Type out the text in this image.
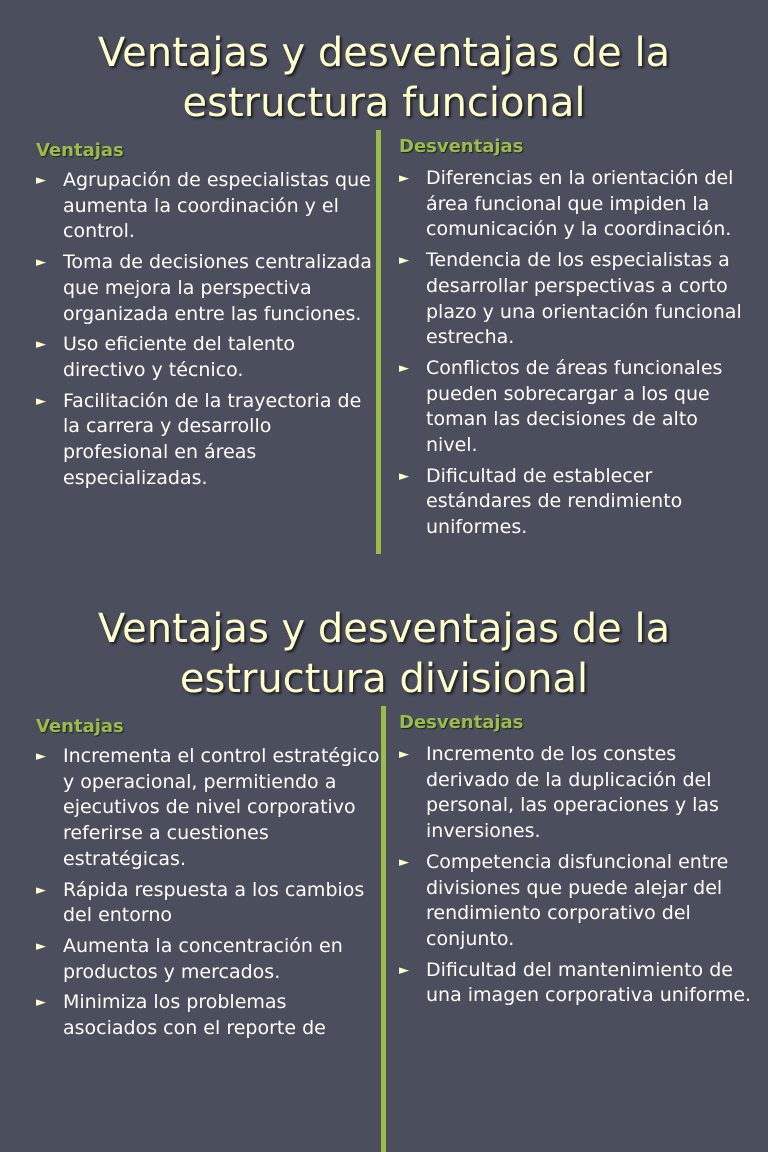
Ventajas y desventajas de la
estructura funcional
Ventajas
► Agrupación de especialistas que aumenta la coordinación y el control.
► Toma de decisiones centralizada que mejora la perspectiva organizada entre las funciones.
► Uso eficiente del talento directivo y técnico.
► Facilitación de la trayectoria de la carrera y desarrollo profesional en áreas especializadas.
Desventajas
► Diferencias en la orientación del área funcional que impiden la comunicación y la coordinación.
► Tendencia de los especialistas a desarrollar perspectivas a corto plazo y una orientación funcional estrecha.
► Conflictos de áreas funcionales pueden sobrecargar a los que toman las decisiones de alto nivel.
► Dificultad de establecer estándares de rendimiento uniformes.
Ventajas y desventajas de la
estructura divisional
Ventajas
► Incrementa el control estratégico y operacional, permitiendo a ejecutivos de nivel corporativo referirse a cuestiones estratégicas.
► Rápida respuesta a los cambios del entorno
► Aumenta la concentración en productos y mercados.
► Minimiza los problemas asociados con el reporte de
Desventajas
► Incremento de los constes derivado de la duplicación del personal, las operaciones y las inversiones.
► Competencia disfuncional entre divisiones que puede alejar del rendimiento corporativo del conjunto.
► Dificultad del mantenimiento de una imagen corporativa uniforme.
